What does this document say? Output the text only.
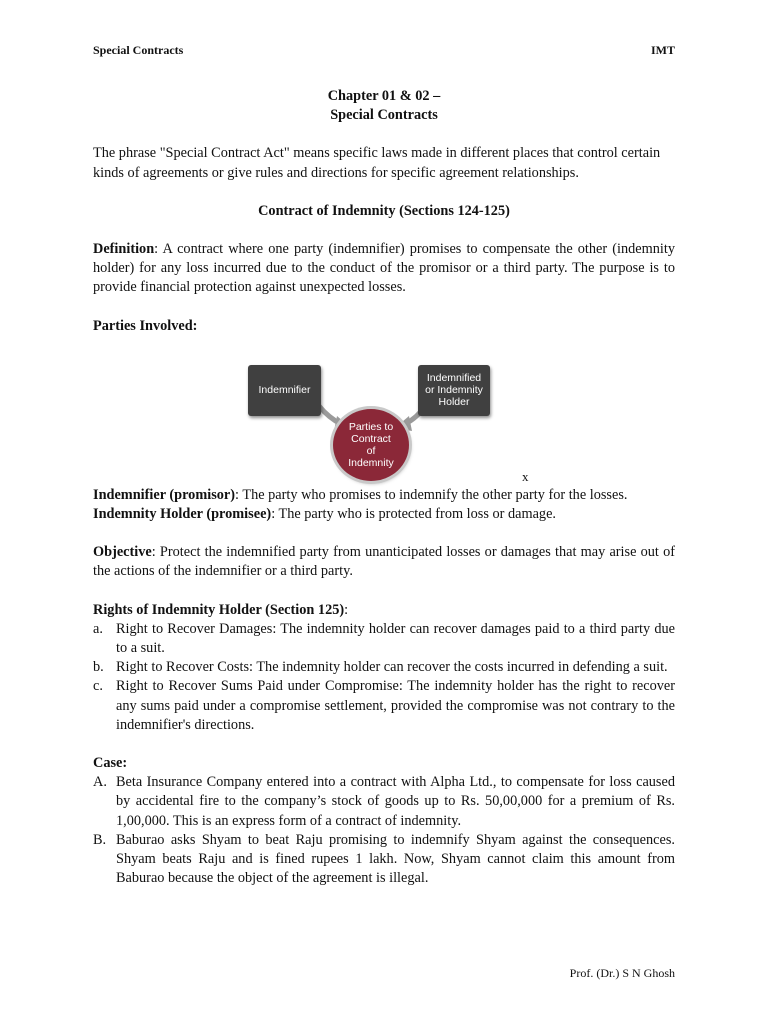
Special Contracts	IMT

Chapter 01 & 02 –

Special Contracts

The phrase "Special Contract Act" means specific laws made in different places that control certain kinds of agreements or give rules and directions for specific agreement relationships.

Contract of Indemnity (Sections 124-125)

Definition: A contract where one party (indemnifier) promises to compensate the other (indemnity holder) for any loss incurred due to the conduct of the promisor or a third party. The purpose is to provide financial protection against unexpected losses.

Parties Involved:

Indemnifier
Indemnified
or Indemnity
Holder
Parties to
Contract
of
Indemnity
x

Indemnifier (promisor): The party who promises to indemnify the other party for the losses.

Indemnity Holder (promisee): The party who is protected from loss or damage.

Objective: Protect the indemnified party from unanticipated losses or damages that may arise out of the actions of the indemnifier or a third party.

Rights of Indemnity Holder (Section 125):

a. Right to Recover Damages: The indemnity holder can recover damages paid to a third party due to a suit.
b. Right to Recover Costs: The indemnity holder can recover the costs incurred in defending a suit.
c. Right to Recover Sums Paid under Compromise: The indemnity holder has the right to recover any sums paid under a compromise settlement, provided the compromise was not contrary to the indemnifier's directions.

Case:

A. Beta Insurance Company entered into a contract with Alpha Ltd., to compensate for loss caused by accidental fire to the company’s stock of goods up to Rs. 50,00,000 for a premium of Rs. 1,00,000. This is an express form of a contract of indemnity.
B. Baburao asks Shyam to beat Raju promising to indemnify Shyam against the consequences. Shyam beats Raju and is fined rupees 1 lakh. Now, Shyam cannot claim this amount from Baburao because the object of the agreement is illegal.
Prof. (Dr.) S N Ghosh
